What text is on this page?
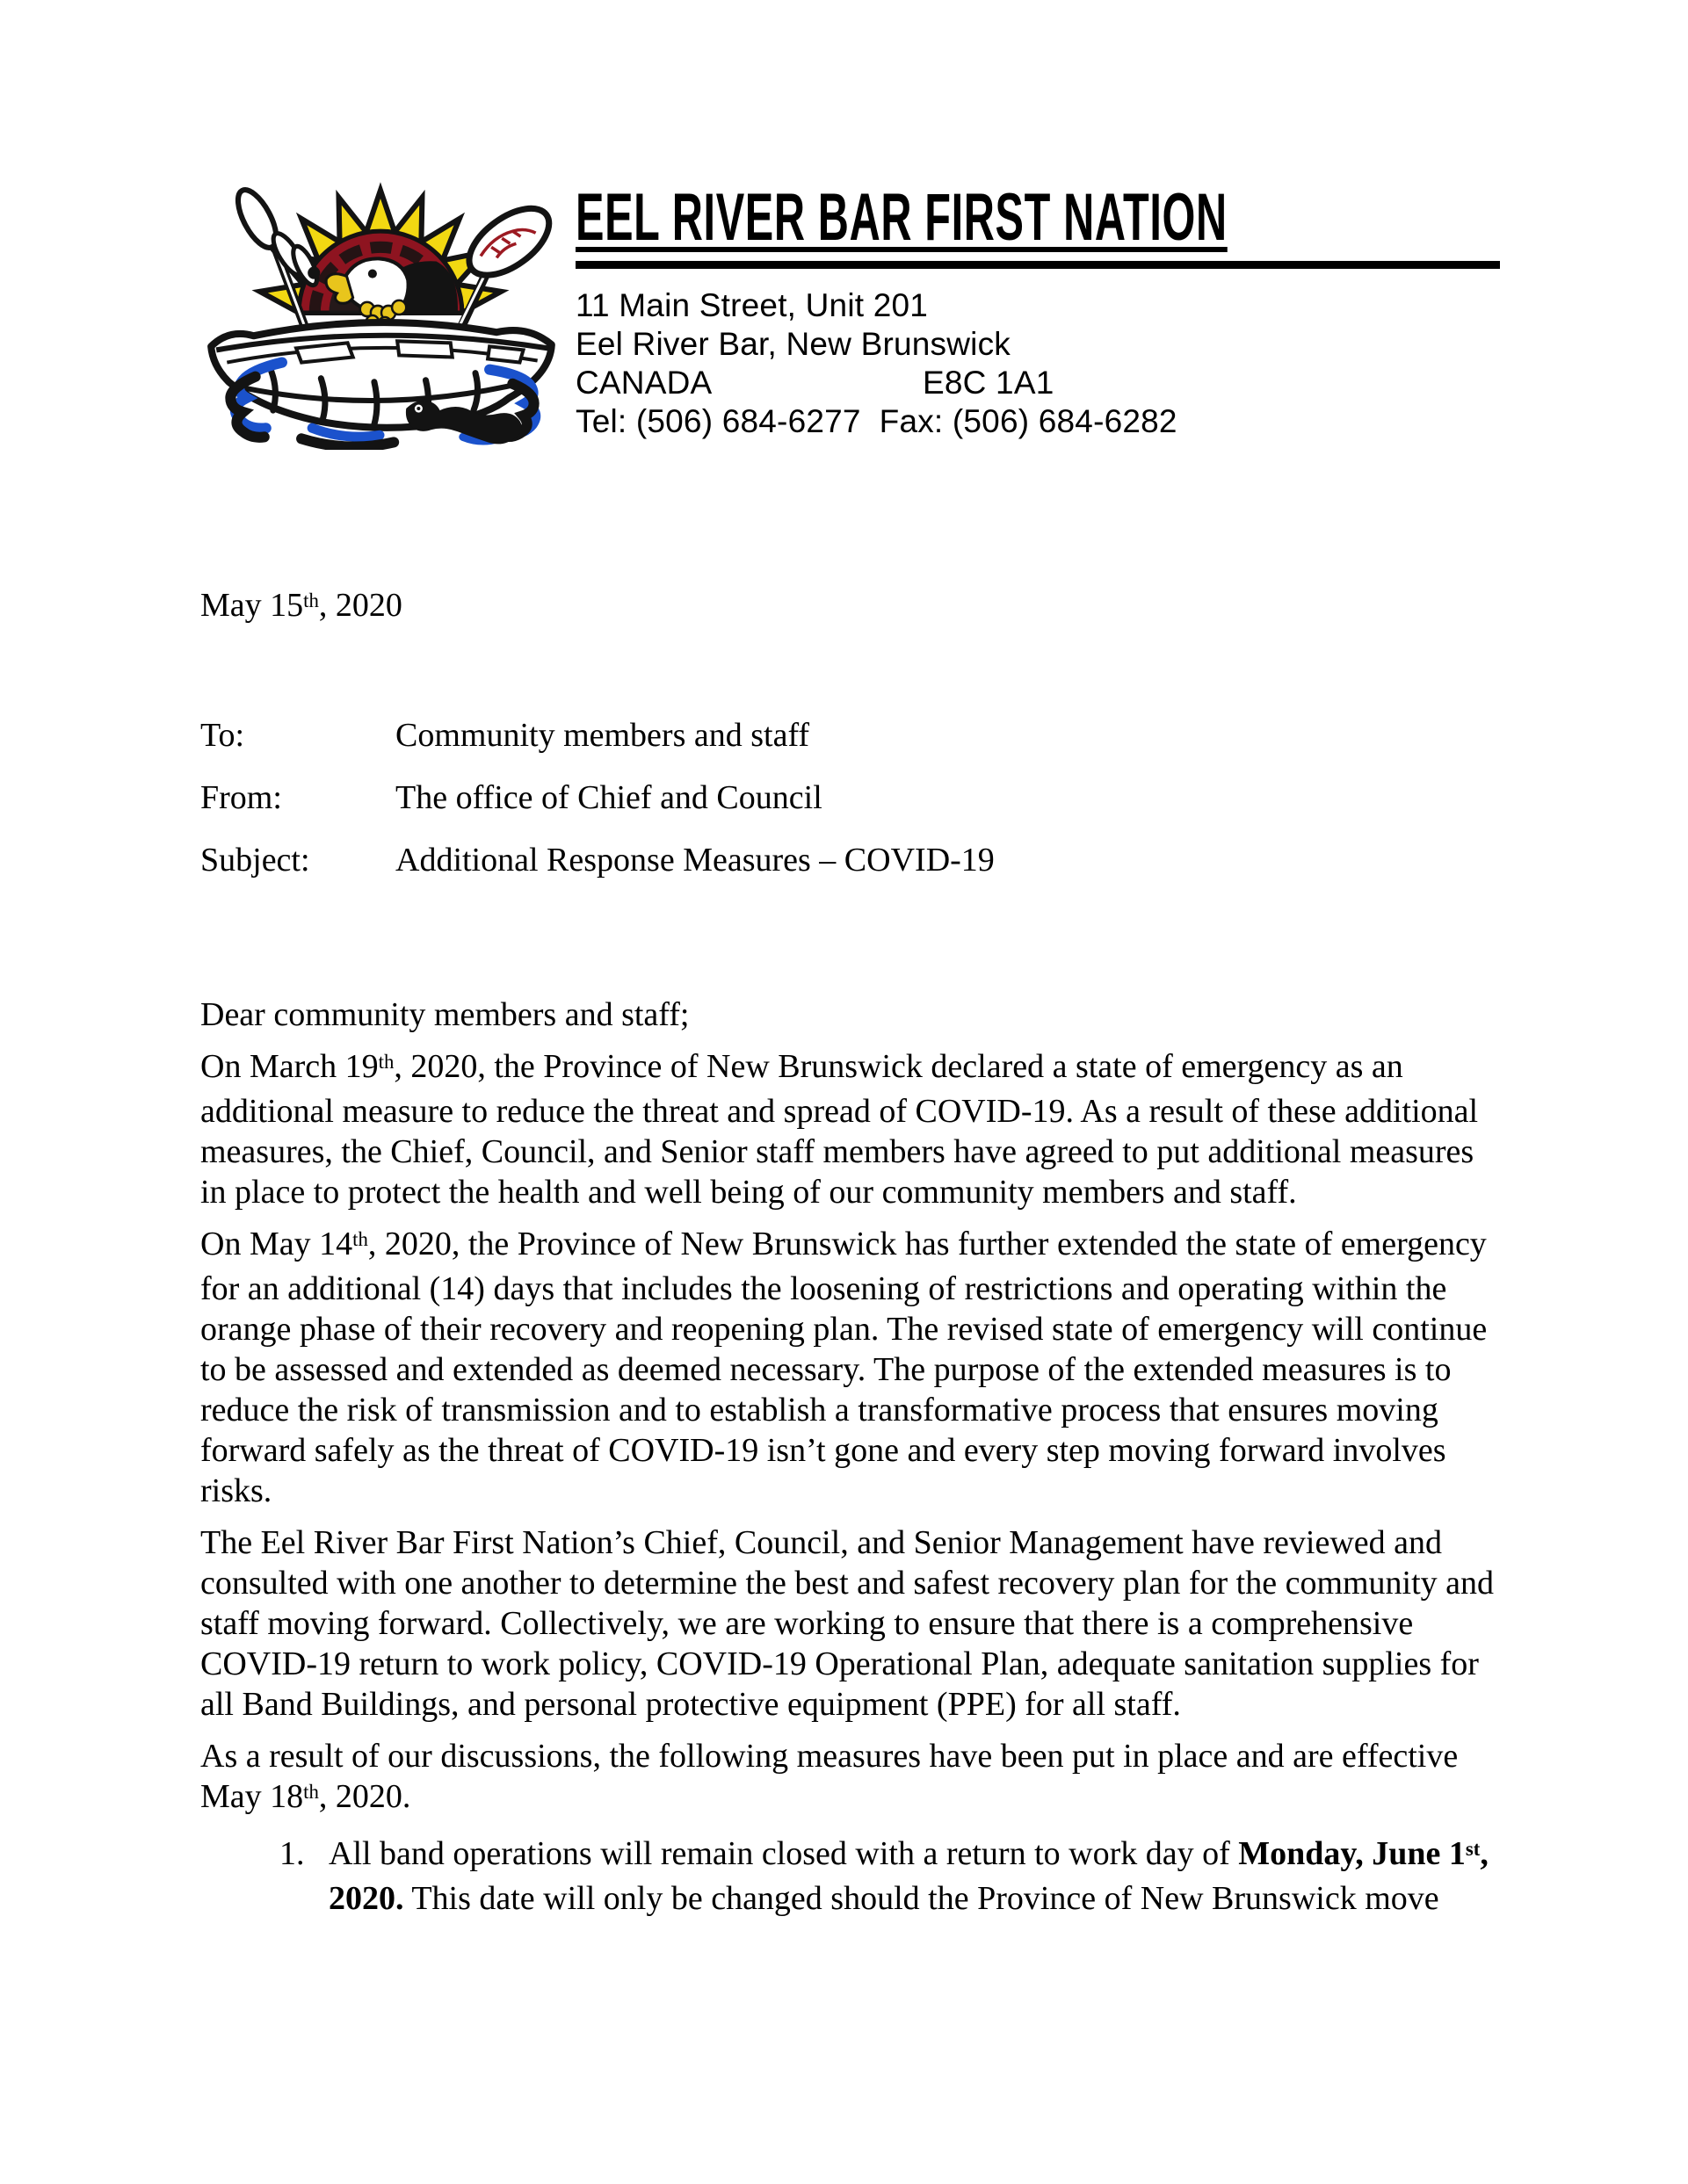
EEL RIVER BAR FIRST NATION
11 Main Street, Unit 201
Eel River Bar, New Brunswick
CANADA	E8C 1A1
Tel: (506) 684-6277  Fax: (506) 684-6282
May 15th, 2020
To:	Community members and staff
From:	The office of Chief and Council
Subject:	Additional Response Measures – COVID-19

Dear community members and staff;

On March 19th, 2020, the Province of New Brunswick declared a state of emergency as an additional measure to reduce the threat and spread of COVID-19. As a result of these additional measures, the Chief, Council, and Senior staff members have agreed to put additional measures in place to protect the health and well being of our community members and staff.

On May 14th, 2020, the Province of New Brunswick has further extended the state of emergency for an additional (14) days that includes the loosening of restrictions and operating within the orange phase of their recovery and reopening plan. The revised state of emergency will continue to be assessed and extended as deemed necessary. The purpose of the extended measures is to reduce the risk of transmission and to establish a transformative process that ensures moving forward safely as the threat of COVID-19 isn’t gone and every step moving forward involves risks.

The Eel River Bar First Nation’s Chief, Council, and Senior Management have reviewed and consulted with one another to determine the best and safest recovery plan for the community and staff moving forward. Collectively, we are working to ensure that there is a comprehensive COVID-19 return to work policy, COVID-19 Operational Plan, adequate sanitation supplies for all Band Buildings, and personal protective equipment (PPE) for all staff.

As a result of our discussions, the following measures have been put in place and are effective May 18th, 2020.

1. All band operations will remain closed with a return to work day of Monday, June 1st, 2020. This date will only be changed should the Province of New Brunswick move
